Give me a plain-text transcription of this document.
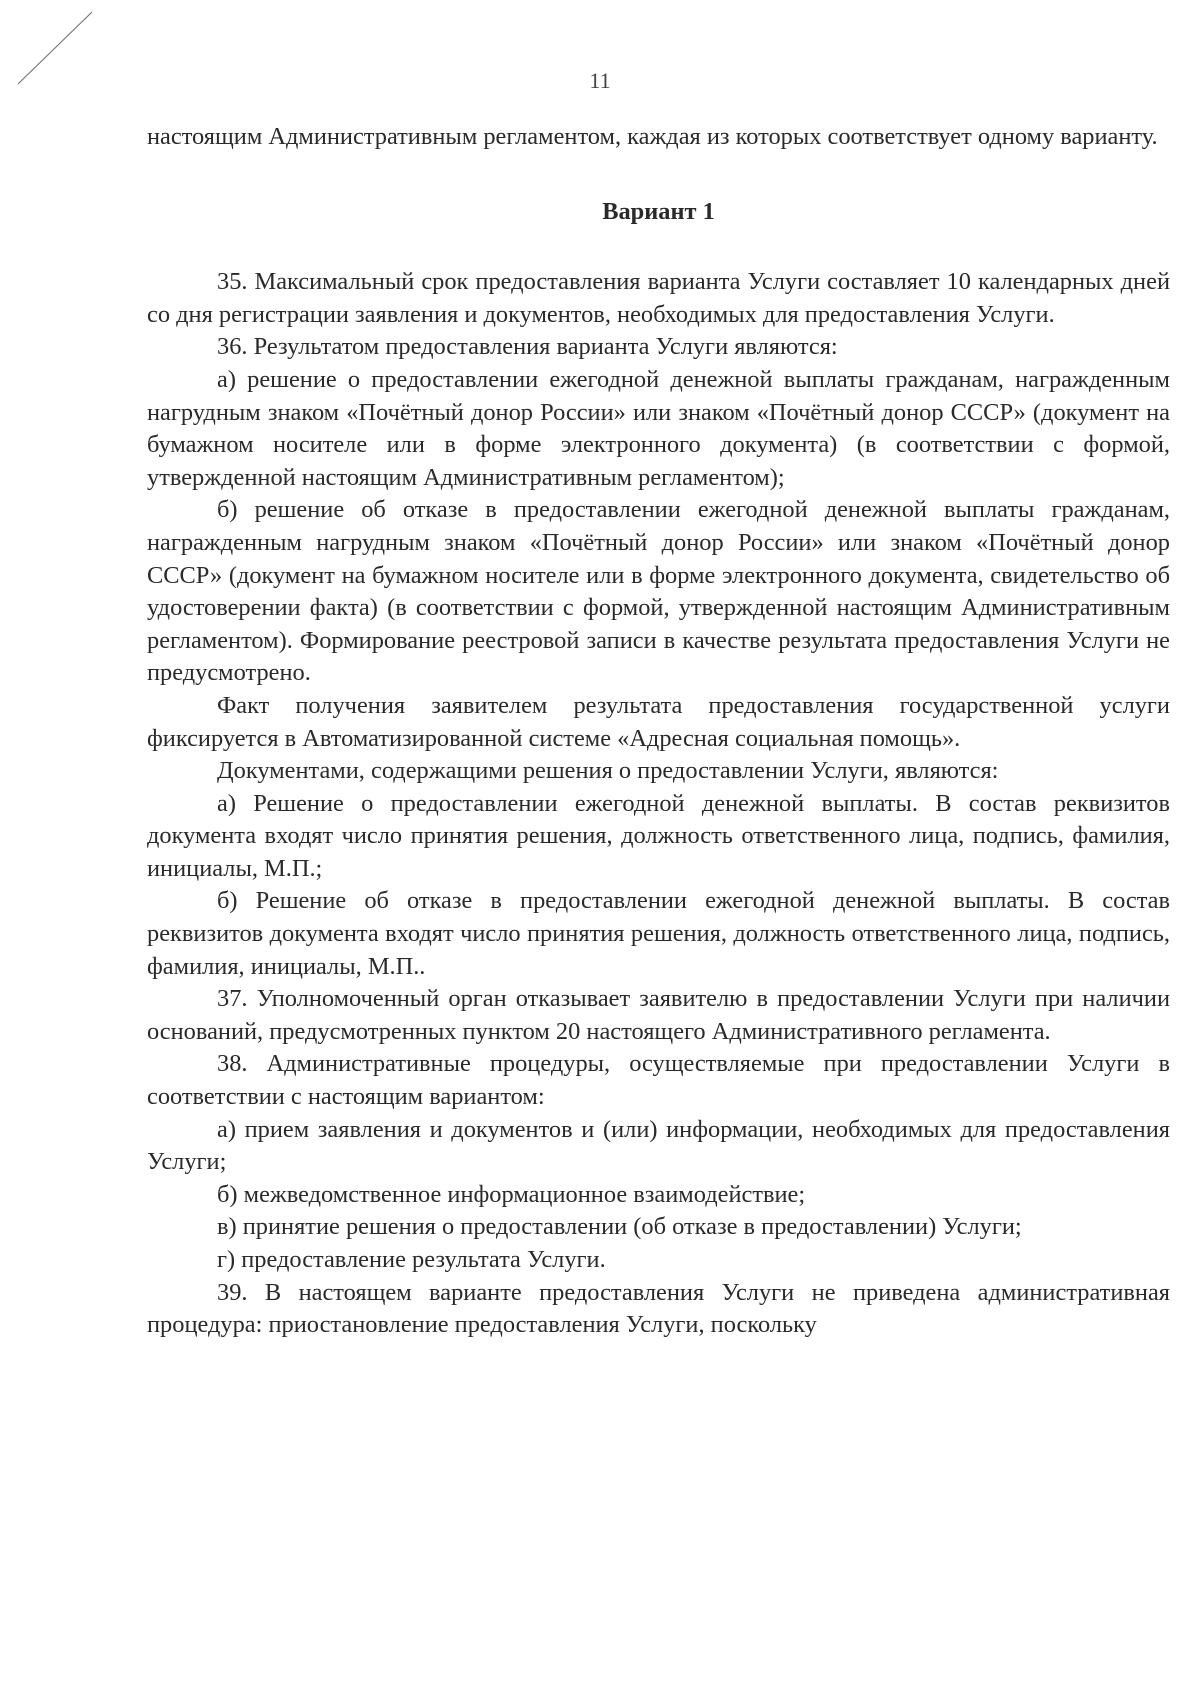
11

настоящим Административным регламентом, каждая из которых соответствует одному варианту.

Вариант 1

35. Максимальный срок предоставления варианта Услуги составляет 10 календарных дней со дня регистрации заявления и документов, необходимых для предоставления Услуги.

36. Результатом предоставления варианта Услуги являются:

а) решение о предоставлении ежегодной денежной выплаты гражданам, награжденным нагрудным знаком «Почётный донор России» или знаком «Почётный донор СССР» (документ на бумажном носителе или в форме электронного документа) (в соответствии с формой, утвержденной настоящим Административным регламентом);

б) решение об отказе в предоставлении ежегодной денежной выплаты гражданам, награжденным нагрудным знаком «Почётный донор России» или знаком «Почётный донор СССР» (документ на бумажном носителе или в форме электронного документа, свидетельство об удостоверении факта) (в соответствии с формой, утвержденной настоящим Административным регламентом). Формирование реестровой записи в качестве результата предоставления Услуги не предусмотрено.

Факт получения заявителем результата предоставления государственной услуги фиксируется в Автоматизированной системе «Адресная социальная помощь».

Документами, содержащими решения о предоставлении Услуги, являются:

а) Решение о предоставлении ежегодной денежной выплаты. В состав реквизитов документа входят число принятия решения, должность ответственного лица, подпись, фамилия, инициалы, М.П.;

б) Решение об отказе в предоставлении ежегодной денежной выплаты. В состав реквизитов документа входят число принятия решения, должность ответственного лица, подпись, фамилия, инициалы, М.П..

37. Уполномоченный орган отказывает заявителю в предоставлении Услуги при наличии оснований, предусмотренных пунктом 20 настоящего Административного регламента.

38. Административные процедуры, осуществляемые при предоставлении Услуги в соответствии с настоящим вариантом:

а) прием заявления и документов и (или) информации, необходимых для предоставления Услуги;

б) межведомственное информационное взаимодействие;

в) принятие решения о предоставлении (об отказе в предоставлении) Услуги;

г) предоставление результата Услуги.

39. В настоящем варианте предоставления Услуги не приведена административная процедура: приостановление предоставления Услуги, поскольку
